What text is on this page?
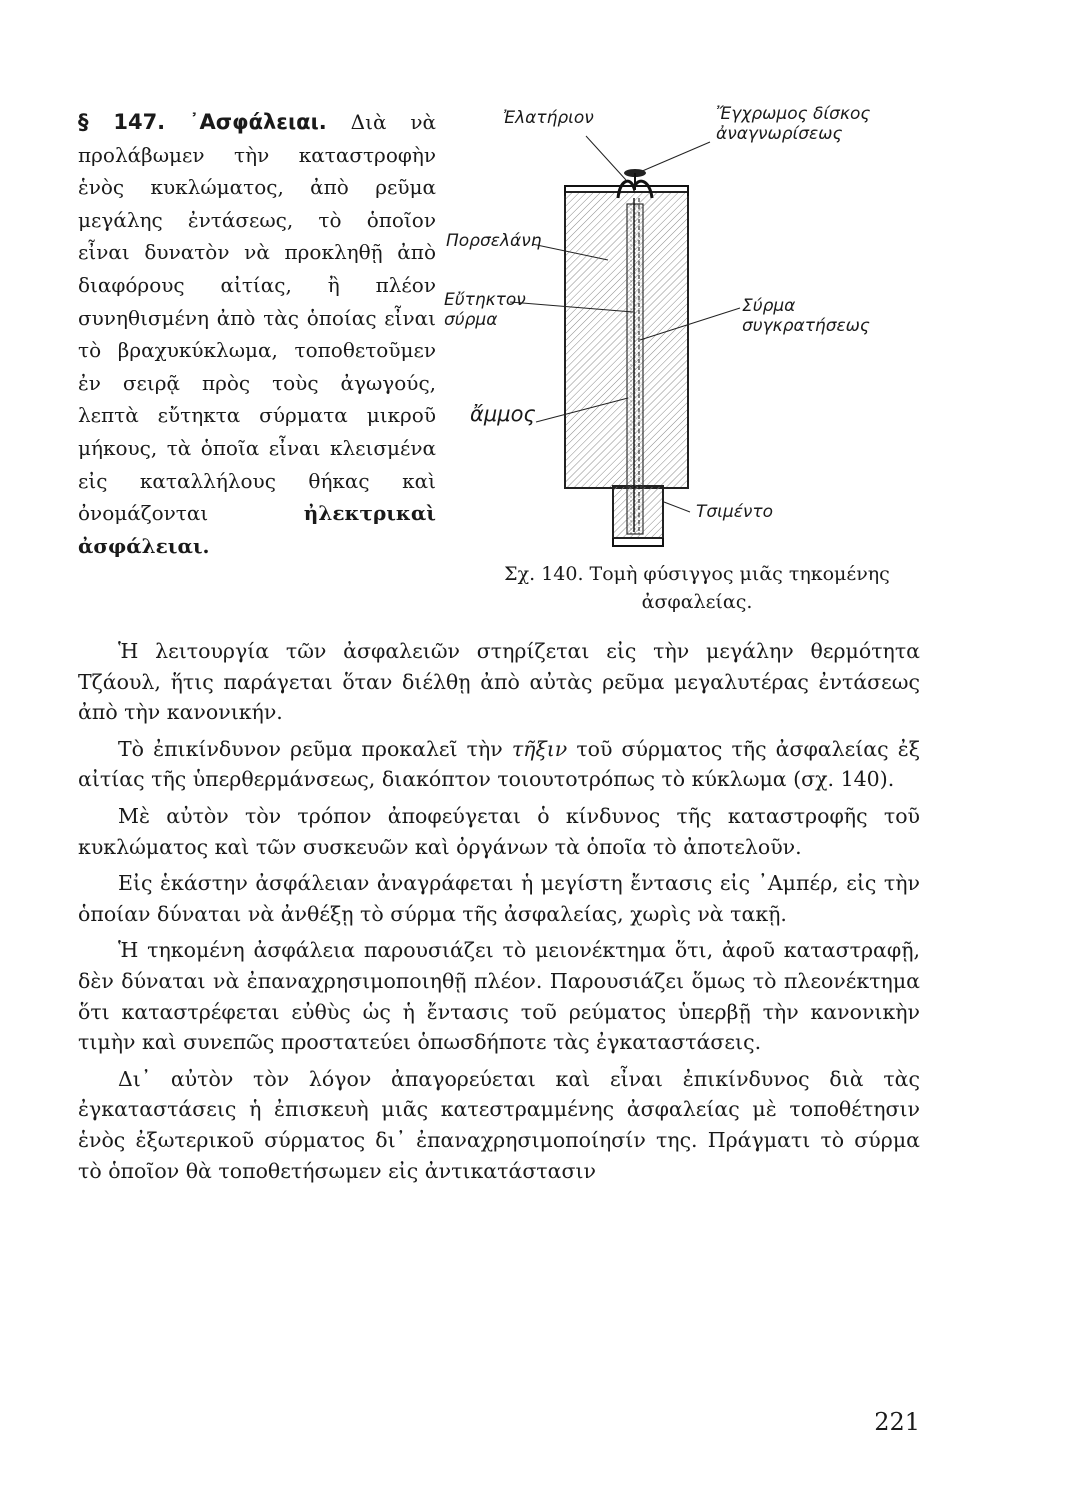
§ 147. ᾿Ασφάλειαι. Διὰ νὰ προλάβωμεν τὴν καταστροφὴν ἑνὸς κυκλώματος, ἀπὸ ρεῦμα μεγάλης ἐντάσεως, τὸ ὁποῖον εἶναι δυνατὸν νὰ προκληθῇ ἀπὸ διαφόρους αἰτίας, ἢ πλέον συνηθισμένη ἀπὸ τὰς ὁποίας εἶναι τὸ βραχυκύκλωμα, τοποθετοῦμεν ἐν σειρᾷ πρὸς τοὺς ἀγωγούς, λεπτὰ εὔτηκτα σύρματα μικροῦ μήκους, τὰ ὁποῖα εἶναι κλεισμένα εἰς καταλλήλους θήκας καὶ ὀνομάζονται	ἠλεκτρικαὶ ἀσφάλειαι.
Ἐλατήριον	Ἔγχρωμος δίσκος ἀναγνωρίσεως
Πορσελάνη
Εὔτηκτον σύρμα
Σύρμα συγκρατήσεως
ἄμμος
Τσιμέντο
Σχ. 140. Τομὴ φύσιγγος μιᾶς τηκομένης ἀσφαλείας.

Ἡ λειτουργία τῶν ἀσφαλειῶν στηρίζεται εἰς τὴν μεγάλην θερμότητα Τζάουλ, ἥτις παράγεται ὅταν διέλθῃ ἀπὸ αὐτὰς ρεῦμα μεγαλυτέρας ἐντάσεως ἀπὸ τὴν κανονικήν.

Τὸ ἐπικίνδυνον ρεῦμα προκαλεῖ τὴν τῆξιν τοῦ σύρματος τῆς ἀσφαλείας ἐξ αἰτίας τῆς ὑπερθερμάνσεως, διακόπτον τοιουτοτρόπως τὸ κύκλωμα (σχ. 140).

Μὲ αὐτὸν τὸν τρόπον ἀποφεύγεται ὁ κίνδυνος τῆς καταστροφῆς τοῦ κυκλώματος καὶ τῶν συσκευῶν καὶ ὀργάνων τὰ ὁποῖα τὸ ἀποτελοῦν.

Εἰς ἑκάστην ἀσφάλειαν ἀναγράφεται ἡ μεγίστη ἔντασις εἰς ᾿Αμπέρ, εἰς τὴν ὁποίαν δύναται νὰ ἀνθέξῃ τὸ σύρμα τῆς ἀσφαλείας, χωρὶς νὰ τακῇ.

Ἡ τηκομένη ἀσφάλεια παρουσιάζει τὸ μειονέκτημα ὅτι, ἀφοῦ καταστραφῇ, δὲν δύναται νὰ ἐπαναχρησιμοποιηθῇ πλέον. Παρουσιάζει ὅμως τὸ πλεονέκτημα ὅτι καταστρέφεται εὐθὺς ὡς ἡ ἔντασις τοῦ ρεύματος ὑπερβῇ τὴν κανονικὴν τιμὴν καὶ συνεπῶς προστατεύει ὁπωσδήποτε τὰς ἐγκαταστάσεις.

Δι᾿ αὐτὸν τὸν λόγον ἀπαγορεύεται καὶ εἶναι ἐπικίνδυνος διὰ τὰς ἐγκαταστάσεις ἡ ἐπισκευὴ μιᾶς κατεστραμμένης ἀσφαλείας μὲ τοποθέτησιν ἑνὸς ἐξωτερικοῦ σύρματος δι᾿ ἐπαναχρησιμοποίησίν της. Πράγματι τὸ σύρμα τὸ ὁποῖον θὰ τοποθετήσωμεν εἰς ἀντικατάστασιν

221
